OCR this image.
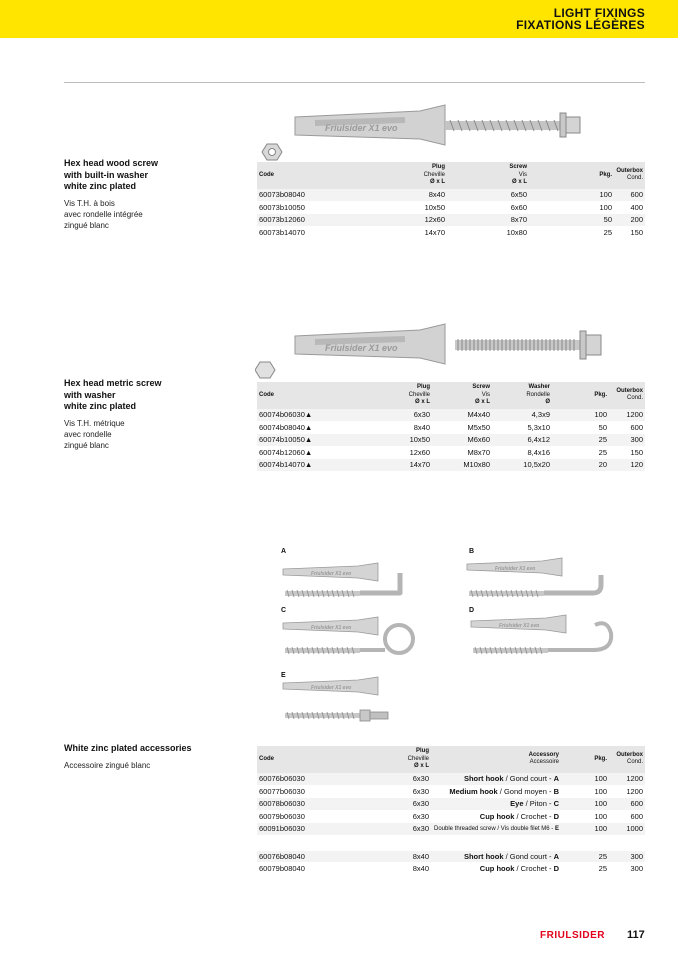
LIGHT FIXINGS
FIXATIONS LÉGÈRES
Friulsider X1 evo
Hex head wood screw
with built-in washer
white zinc plated
Vis T.H. à bois
avec rondelle intégrée
zingué blanc
Code	Plug
Cheville
Ø x L	Screw
Vis
Ø x L	Pkg.	Outerbox
Cond.

60073b08040	8x40	6x50	100	600
60073b10050	10x50	6x60	100	400
60073b12060	12x60	8x70	50	200
60073b14070	14x70	10x80	25	150
Friulsider X1 evo
Hex head metric screw
with washer
white zinc plated
Vis T.H. métrique
avec rondelle
zingué blanc
Code	Plug
Cheville
Ø x L	Screw
Vis
Ø x L	Washer
Rondelle
Ø	Pkg.	Outerbox
Cond.

60074b06030▲	6x30	M4x40	4,3x9	100	1200
60074b08040▲	8x40	M5x50	5,3x10	50	600
60074b10050▲	10x50	M6x60	6,4x12	25	300
60074b12060▲	12x60	M8x70	8,4x16	25	150
60074b14070▲	14x70	M10x80	10,5x20	20	120
A	B
C	D
E
Friulsider X1 evo
White zinc plated accessories
Accessoire zingué blanc
Code	Plug
Cheville
Ø x L	Accessory
Accessoire	Pkg.	Outerbox
Cond.

60076b06030	6x30	Short hook / Gond court - A	100	1200
60077b06030	6x30	Medium hook / Gond moyen - B	100	1200
60078b06030	6x30	Eye / Piton - C	100	600
60079b06030	6x30	Cup hook / Crochet - D	100	600
60091b06030	6x30	Double threaded screw / Vis double filet M6 - E	100	1000

60076b08040	8x40	Short hook / Gond court - A	25	300
60079b08040	8x40	Cup hook / Crochet - D	25	300
FRIULSIDER 117
